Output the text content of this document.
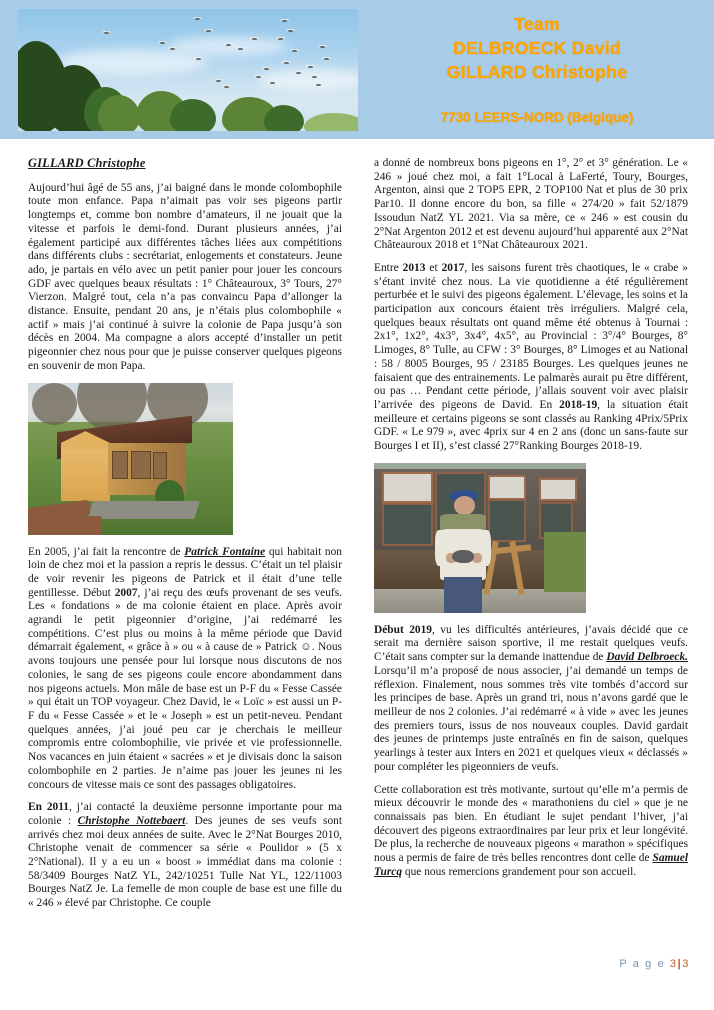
Team
DELBROECK David
GILLARD Christophe
7730 LEERS-NORD (Belgique)
GILLARD Christophe

Aujourd’hui âgé de 55 ans, j’ai baigné dans le monde colombophile toute mon enfance. Papa n’aimait pas voir ses pigeons partir longtemps et, comme bon nombre d’amateurs, il ne jouait que la vitesse et parfois le demi-fond. Durant plusieurs années, j’ai également participé aux différentes tâches liées aux compétitions dans différents clubs : secrétariat, enlogements et constateurs. Jeune ado, je partais en vélo avec un petit panier pour jouer les concours GDF avec quelques beaux résultats : 1° Châteauroux, 3° Tours, 27° Vierzon. Malgré tout, cela n’a pas convaincu Papa d’allonger la distance. Ensuite, pendant 20 ans, je n’étais plus colombophile « actif » mais j’ai continué à suivre la colonie de Papa jusqu’à son décès en 2004. Ma compagne a alors accepté d’installer un petit pigeonnier chez nous pour que je puisse conserver quelques pigeons en souvenir de mon Papa.

En 2005, j’ai fait la rencontre de Patrick Fontaine qui habitait non loin de chez moi et la passion a repris le dessus. C’était un tel plaisir de voir revenir les pigeons de Patrick et il était d’une telle gentillesse. Début 2007, j’ai reçu des œufs provenant de ses veufs. Les « fondations » de ma colonie étaient en place. Après avoir agrandi le petit pigeonnier d’origine, j’ai redémarré les compétitions. C’est plus ou moins à la même période que David démarrait également, « grâce à » ou « à cause de » Patrick ☺. Nous avons toujours une pensée pour lui lorsque nous discutons de nos colonies, le sang de ses pigeons coule encore abondamment dans nos pigeons actuels. Mon mâle de base est un P-F du « Fesse Cassée » qui était un TOP voyageur. Chez David, le « Loïc » est aussi un P-F du « Fesse Cassée » et le « Joseph » est un petit-neveu. Pendant quelques années, j’ai joué peu car je cherchais le meilleur compromis entre colombophilie, vie privée et vie professionnelle. Nos vacances en juin étaient « sacrées » et je divisais donc la saison colombophile en 2 parties. Je n’aime pas jouer les jeunes ni les concours de vitesse mais ce sont des passages obligatoires.

En 2011, j’ai contacté la deuxième personne importante pour ma colonie : Christophe Nottebaert. Des jeunes de ses veufs sont arrivés chez moi deux années de suite. Avec le 2°Nat Bourges 2010, Christophe venait de commencer sa série « Poulidor » (5 x 2°National). Il y a eu un « boost » immédiat dans ma colonie : 58/3409 Bourges NatZ YL, 242/10251 Tulle Nat YL, 122/11003 Bourges NatZ Je. La femelle de mon couple de base est une fille du « 246 » élevé par Christophe. Ce couple

a donné de nombreux bons pigeons en 1°, 2° et 3° génération. Le « 246 » joué chez moi, a fait 1°Local à LaFerté, Toury, Bourges, Argenton, ainsi que 2 TOP5 EPR, 2 TOP100 Nat et plus de 30 prix Par10. Il donne encore du bon, sa fille « 274/20 » fait 52/1879 Issoudun NatZ YL 2021. Via sa mère, ce « 246 » est cousin du 2°Nat Argenton 2012 et est devenu aujourd’hui apparenté aux 2°Nat Châteauroux 2018 et 1°Nat Châteauroux 2021.

Entre 2013 et 2017, les saisons furent très chaotiques, le « crabe » s’étant invité chez nous. La vie quotidienne a été régulièrement perturbée et le suivi des pigeons également. L’élevage, les soins et la participation aux concours étaient très irréguliers. Malgré cela, quelques beaux résultats ont quand même été obtenus à Tournai : 2x1°, 1x2°, 4x3°, 3x4°, 4x5°, au Provincial : 3°/4° Bourges, 8° Limoges, 8° Tulle, au CFW : 3° Bourges, 8° Limoges et au National : 58 / 8005 Bourges, 95 / 23185 Bourges. Les quelques jeunes ne faisaient que des entrainements. Le palmarès aurait pu être différent, ou pas … Pendant cette période, j’allais souvent voir avec plaisir l’arrivée des pigeons de David. En 2018-19, la situation était meilleure et certains pigeons se sont classés au Ranking 4Prix/5Prix GDF. « Le 979 », avec 4prix sur 4 en 2 ans (donc un sans-faute sur Bourges I et II), s’est classé 27°Ranking Bourges 2018-19.

Début 2019, vu les difficultés antérieures, j’avais décidé que ce serait ma dernière saison sportive, il me restait quelques veufs. C’était sans compter sur la demande inattendue de David Delbroeck. Lorsqu’il m’a proposé de nous associer, j’ai demandé un temps de réflexion. Finalement, nous sommes très vite tombés d’accord sur les principes de base. Après un grand tri, nous n’avons gardé que le meilleur de nos 2 colonies. J’ai redémarré « à vide » avec les jeunes des premiers tours, issus de nos nouveaux couples. David gardait des jeunes de printemps juste entraînés en fin de saison, quelques yearlings à tester aux Inters en 2021 et quelques vieux « déclassés » pour compléter les pigeonniers de veufs.

Cette collaboration est très motivante, surtout qu’elle m’a permis de mieux découvrir le monde des « marathoniens du ciel » que je ne connaissais pas bien. En étudiant le sujet pendant l’hiver, j’ai découvert des pigeons extraordinaires par leur prix et leur longévité. De plus, la recherche de nouveaux pigeons « marathon » spécifiques nous a permis de faire de très belles rencontres dont celle de Samuel Turcq que nous remercions grandement pour son accueil.

P a g e 3|3
